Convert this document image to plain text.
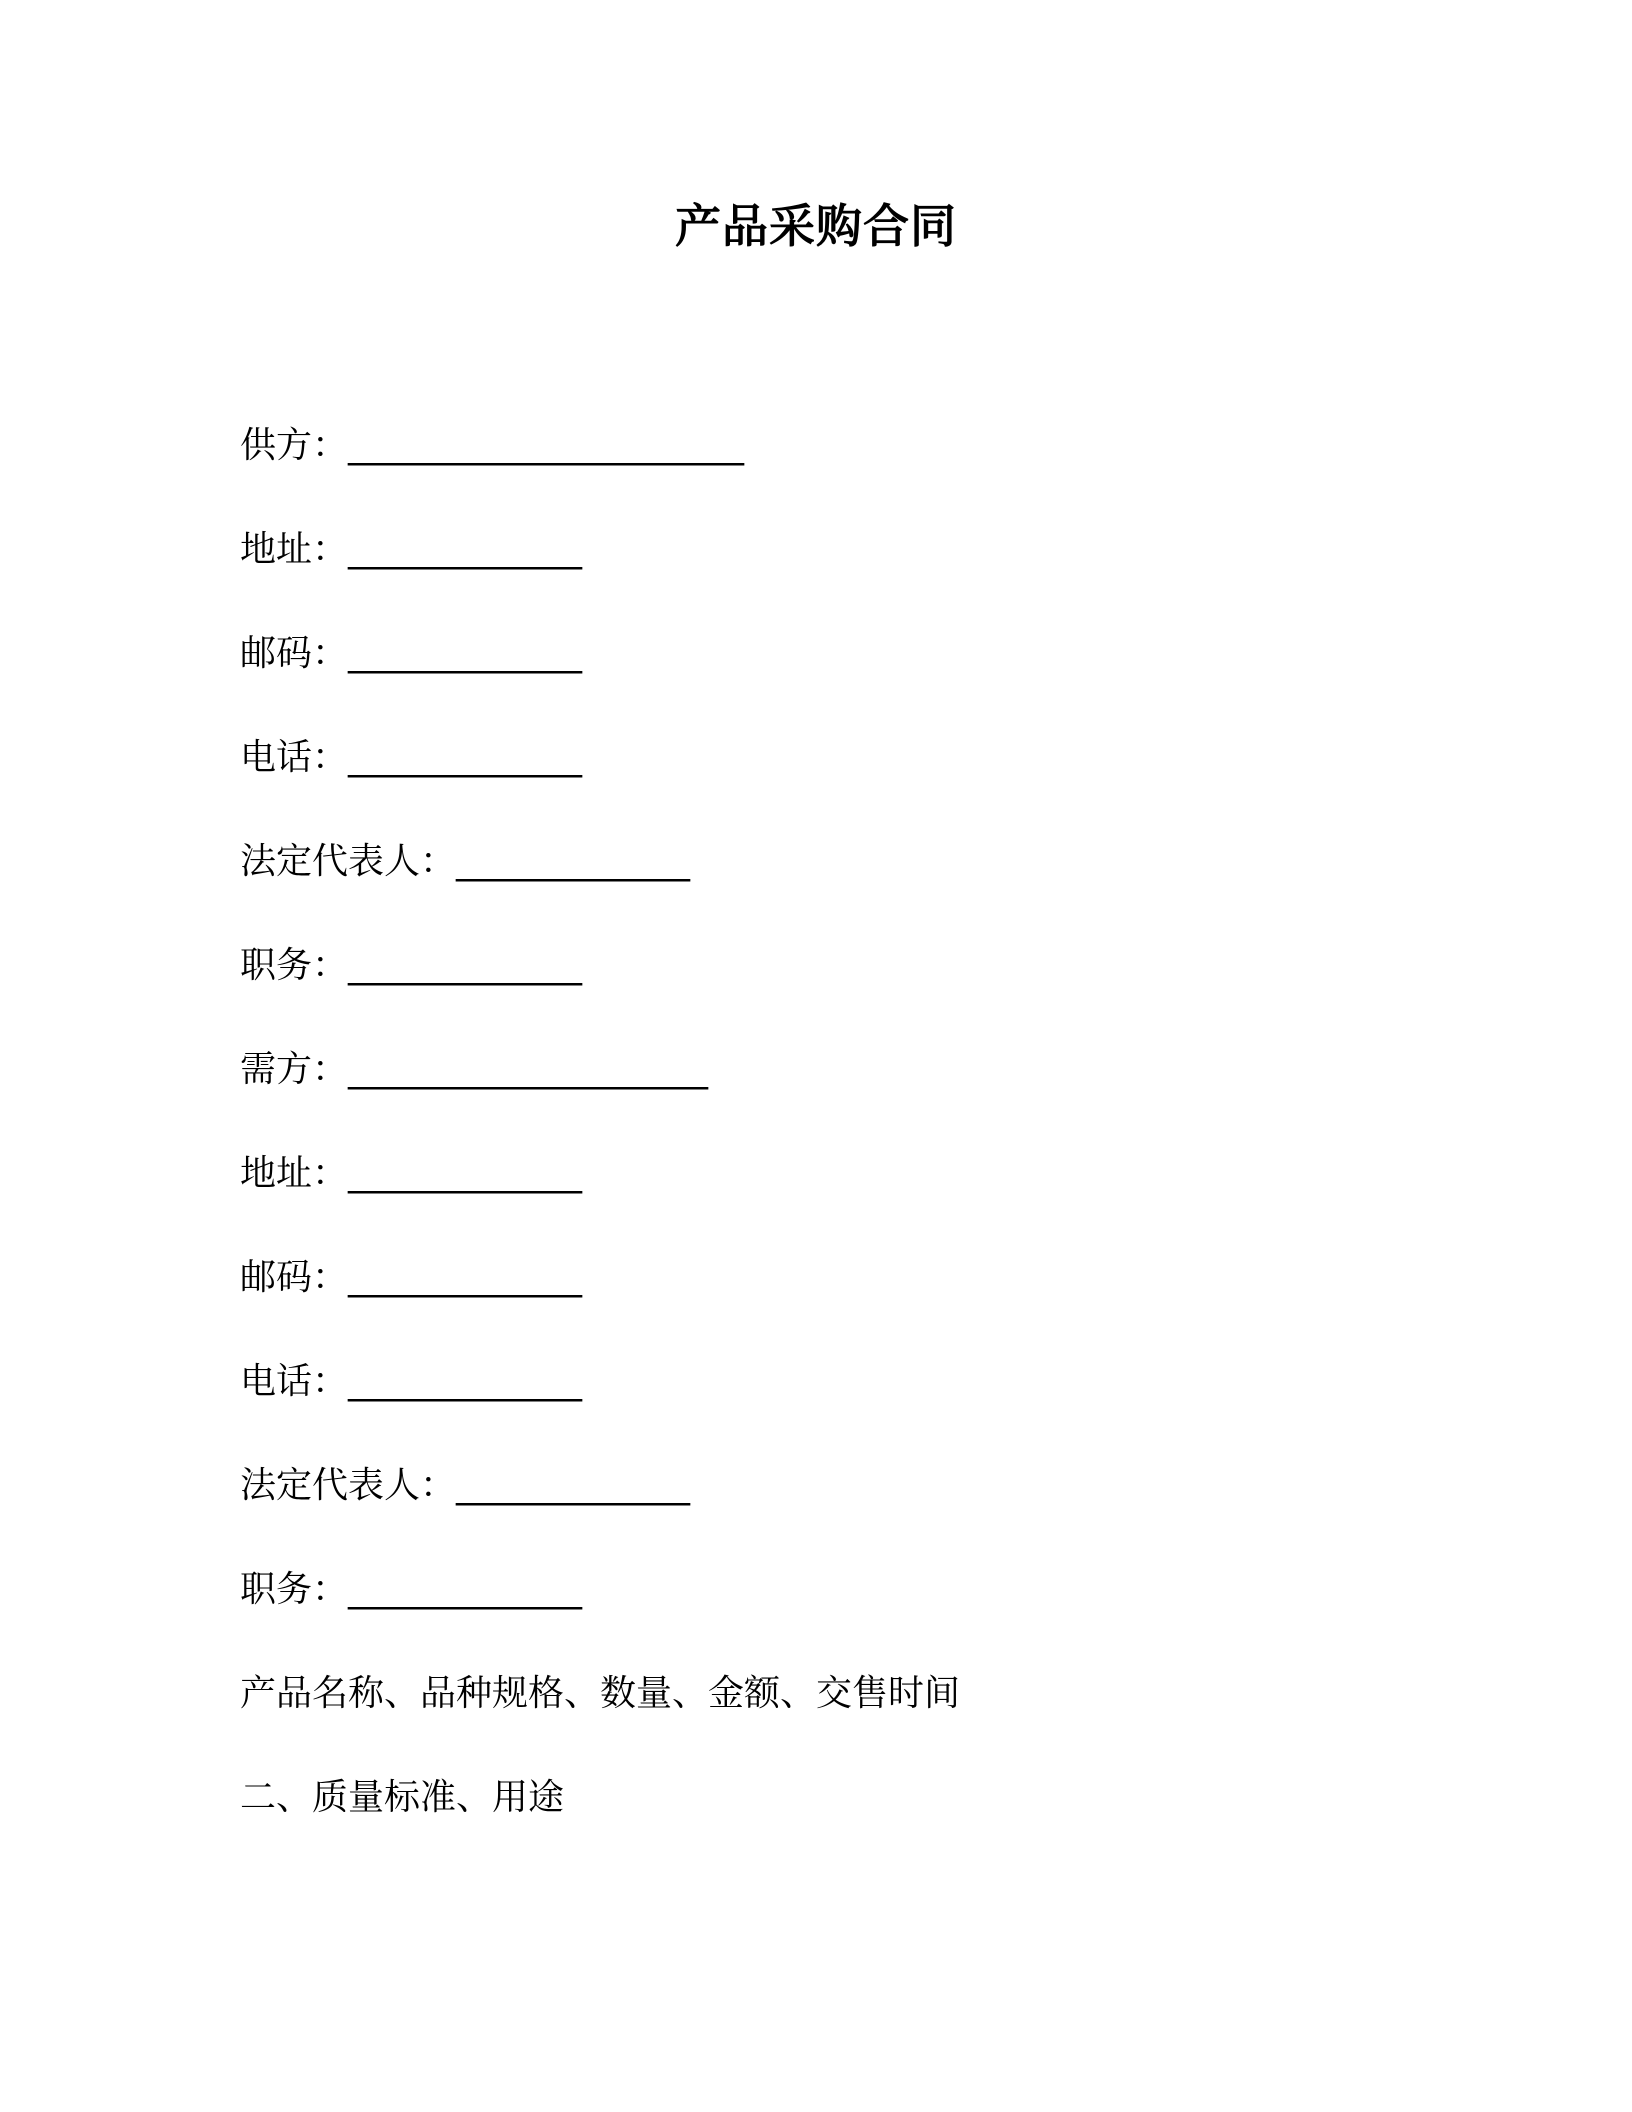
产品采购合同
供方：______________________
地址：_____________
邮码：_____________
电话：_____________
法定代表人：_____________
职务：_____________
需方：____________________
地址：_____________
邮码：_____________
电话：_____________
法定代表人：_____________
职务：_____________
产品名称、品种规格、数量、金额、交售时间
二、质量标准、用途
